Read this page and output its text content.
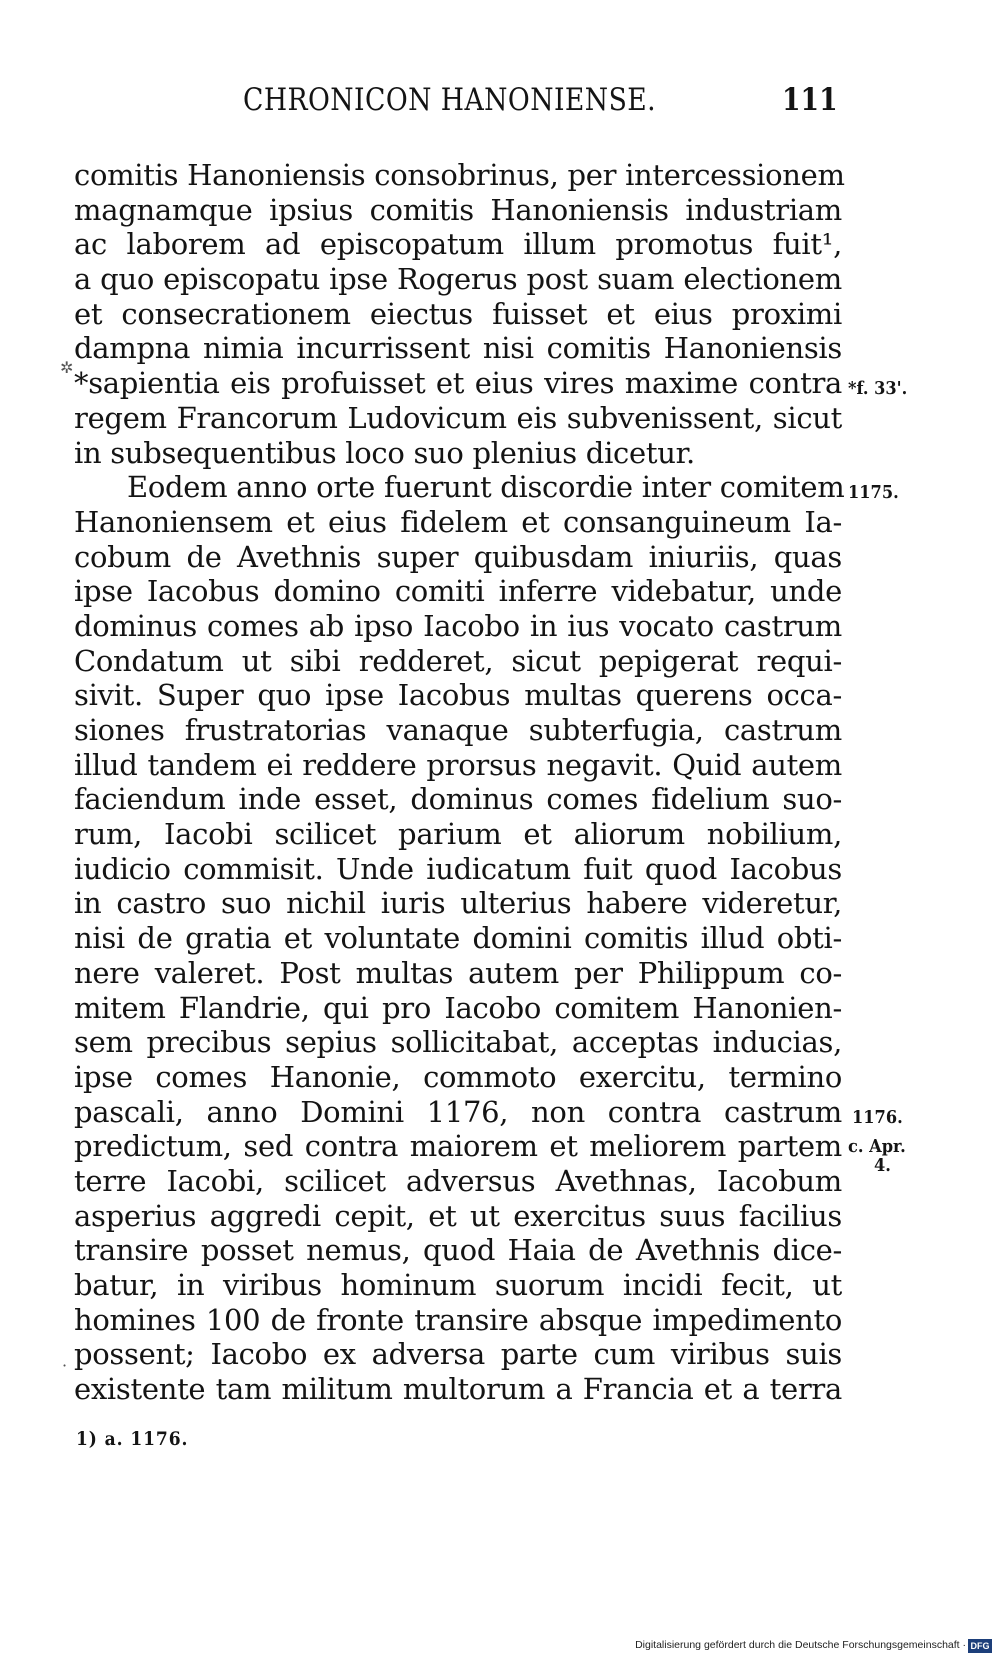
CHRONICON HANONIENSE.	111
comitis Hanoniensis consobrinus, per intercessionem
magnamque ipsius comitis Hanoniensis industriam
ac laborem ad episcopatum illum promotus fuit¹,
a quo episcopatu ipse Rogerus post suam electionem
et consecrationem eiectus fuisset et eius proximi
dampna nimia incurrissent nisi comitis Hanoniensis
*sapientia eis profuisset et eius vires maxime contra
regem Francorum Ludovicum eis subvenissent, sicut
in subsequentibus loco suo plenius dicetur.
Eodem anno orte fuerunt discordie inter comitem
Hanoniensem et eius fidelem et consanguineum Ia-
cobum de Avethnis super quibusdam iniuriis, quas
ipse Iacobus domino comiti inferre videbatur, unde
dominus comes ab ipso Iacobo in ius vocato castrum
Condatum ut sibi redderet, sicut pepigerat requi-
sivit. Super quo ipse Iacobus multas querens occa-
siones frustratorias vanaque subterfugia, castrum
illud tandem ei reddere prorsus negavit. Quid autem
faciendum inde esset, dominus comes fidelium suo-
rum, Iacobi scilicet parium et aliorum nobilium,
iudicio commisit. Unde iudicatum fuit quod Iacobus
in castro suo nichil iuris ulterius habere videretur,
nisi de gratia et voluntate domini comitis illud obti-
nere valeret. Post multas autem per Philippum co-
mitem Flandrie, qui pro Iacobo comitem Hanonien-
sem precibus sepius sollicitabat, acceptas inducias,
ipse comes Hanonie, commoto exercitu, termino
pascali, anno Domini 1176, non contra castrum
predictum, sed contra maiorem et meliorem partem
terre Iacobi, scilicet adversus Avethnas, Iacobum
asperius aggredi cepit, et ut exercitus suus facilius
transire posset nemus, quod Haia de Avethnis dice-
batur, in viribus hominum suorum incidi fecit, ut
homines 100 de fronte transire absque impedimento
possent; Iacobo ex adversa parte cum viribus suis
existente tam militum multorum a Francia et a terra
*f. 33'.
1175.
1176.
c. Apr.
4.
✲
·
1) a. 1176.
Digitalisierung gefördert durch die Deutsche Forschungsgemeinschaft · DFG
